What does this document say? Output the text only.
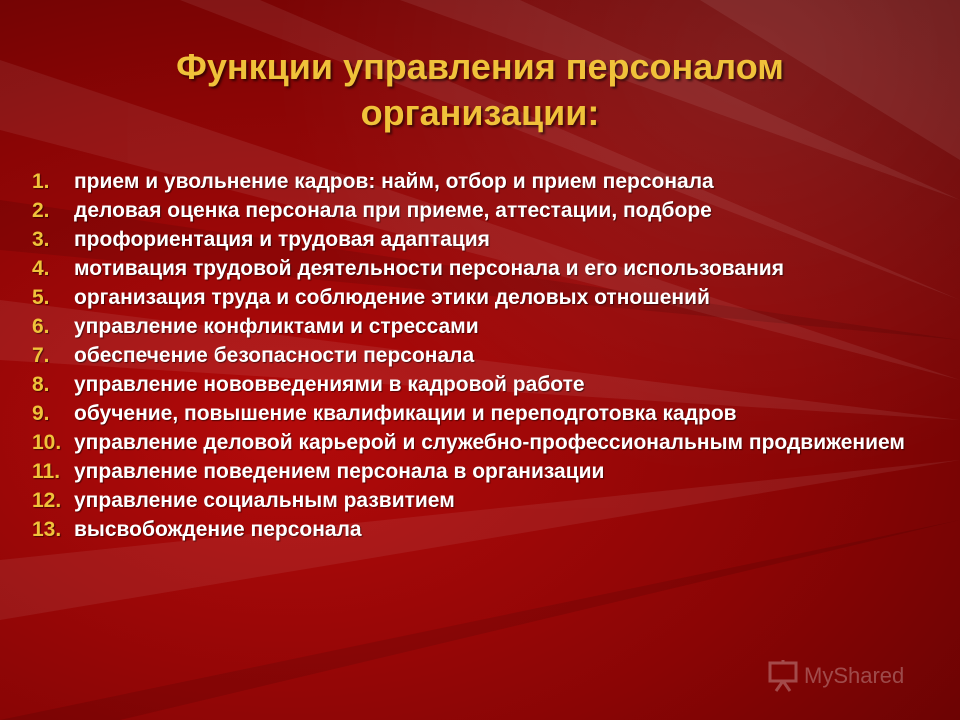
Функции управления персоналом
организации:
1.	прием и увольнение кадров: найм, отбор и прием персонала
2.	деловая оценка персонала при приеме, аттестации, подборе
3.	профориентация и трудовая адаптация
4.	мотивация трудовой деятельности персонала и его использования
5.	организация труда и соблюдение этики деловых отношений
6.	управление конфликтами и стрессами
7.	обеспечение безопасности персонала
8.	управление нововведениями в кадровой работе
9.	обучение, повышение квалификации и переподготовка кадров
10. управление деловой карьерой и служебно-профессиональным продвижением
11. управление поведением персонала в организации
12. управление социальным развитием
13. высвобождение персонала
MyShared
